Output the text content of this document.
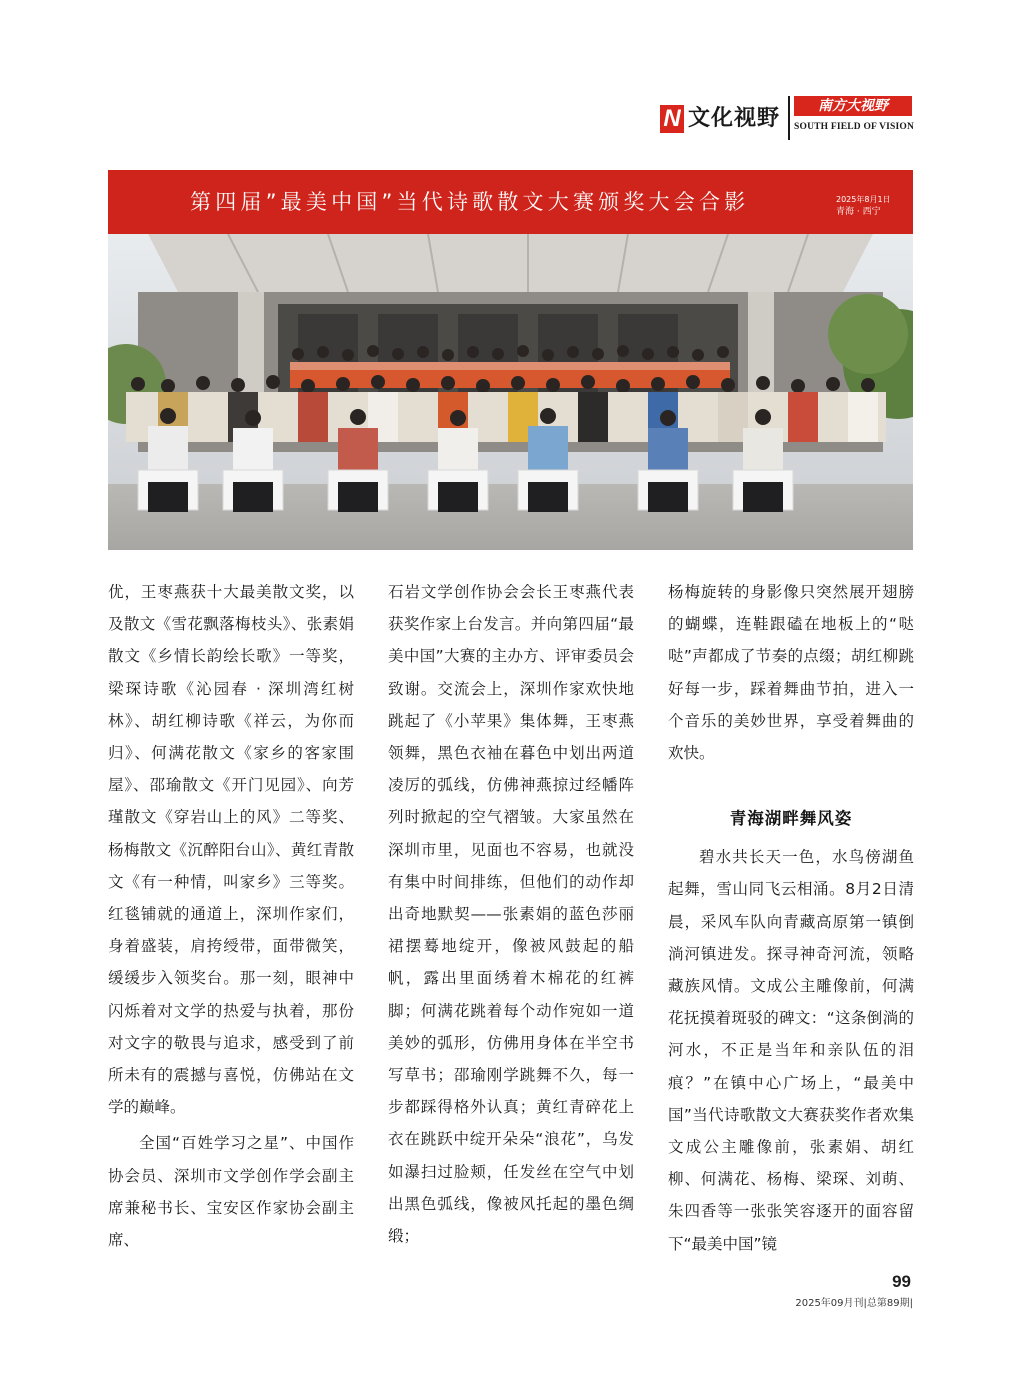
N 文化视野	南方大视野
SOUTH FIELD OF VISION
第四届”最美中国”当代诗歌散文大赛颁奖大会合影	2025年8月1日
青海 · 西宁

优，王枣燕获十大最美散文奖，以及散文《雪花飘落梅枝头》、张素娟散文《乡情长韵绘长歌》一等奖，梁琛诗歌《沁园春 · 深圳湾红树林》、胡红柳诗歌《祥云，为你而归》、何满花散文《家乡的客家围屋》、邵瑜散文《开门见园》、向芳瑾散文《穿岩山上的风》二等奖、杨梅散文《沉醉阳台山》、黄红青散文《有一种情，叫家乡》三等奖。红毯铺就的通道上，深圳作家们，身着盛装，肩挎绶带，面带微笑，缓缓步入领奖台。那一刻，眼神中闪烁着对文学的热爱与执着，那份对文字的敬畏与追求，感受到了前所未有的震撼与喜悦，仿佛站在文学的巅峰。

全国“百姓学习之星”、中国作协会员、深圳市文学创作学会副主席兼秘书长、宝安区作家协会副主席、

石岩文学创作协会会长王枣燕代表获奖作家上台发言。并向第四届“最美中国”大赛的主办方、评审委员会致谢。交流会上，深圳作家欢快地跳起了《小苹果》集体舞，王枣燕领舞，黑色衣袖在暮色中划出两道凌厉的弧线，仿佛神燕掠过经幡阵列时掀起的空气褶皱。大家虽然在深圳市里，见面也不容易，也就没有集中时间排练，但他们的动作却出奇地默契——张素娟的蓝色莎丽裙摆蓦地绽开，像被风鼓起的船帆，露出里面绣着木棉花的红裤脚；何满花跳着每个动作宛如一道美妙的弧形，仿佛用身体在半空书写草书；邵瑜刚学跳舞不久，每一步都踩得格外认真；黄红青碎花上衣在跳跃中绽开朵朵“浪花”，乌发如瀑扫过脸颊，任发丝在空气中划出黑色弧线，像被风托起的墨色绸缎；

杨梅旋转的身影像只突然展开翅膀的蝴蝶，连鞋跟磕在地板上的“哒哒”声都成了节奏的点缀；胡红柳跳好每一步，踩着舞曲节拍，进入一个音乐的美妙世界，享受着舞曲的欢快。

青海湖畔舞风姿

碧水共长天一色，水鸟傍湖鱼起舞，雪山同飞云相涌。8月2日清晨，采风车队向青藏高原第一镇倒淌河镇进发。探寻神奇河流，领略藏族风情。文成公主雕像前，何满花抚摸着斑驳的碑文：“这条倒淌的河水，不正是当年和亲队伍的泪痕？”在镇中心广场上，“最美中国”当代诗歌散文大赛获奖作者欢集文成公主雕像前，张素娟、胡红柳、何满花、杨梅、梁琛、刘萌、朱四香等一张张笑容逐开的面容留下“最美中国”镜

99
2025年09月刊|总第89期|
